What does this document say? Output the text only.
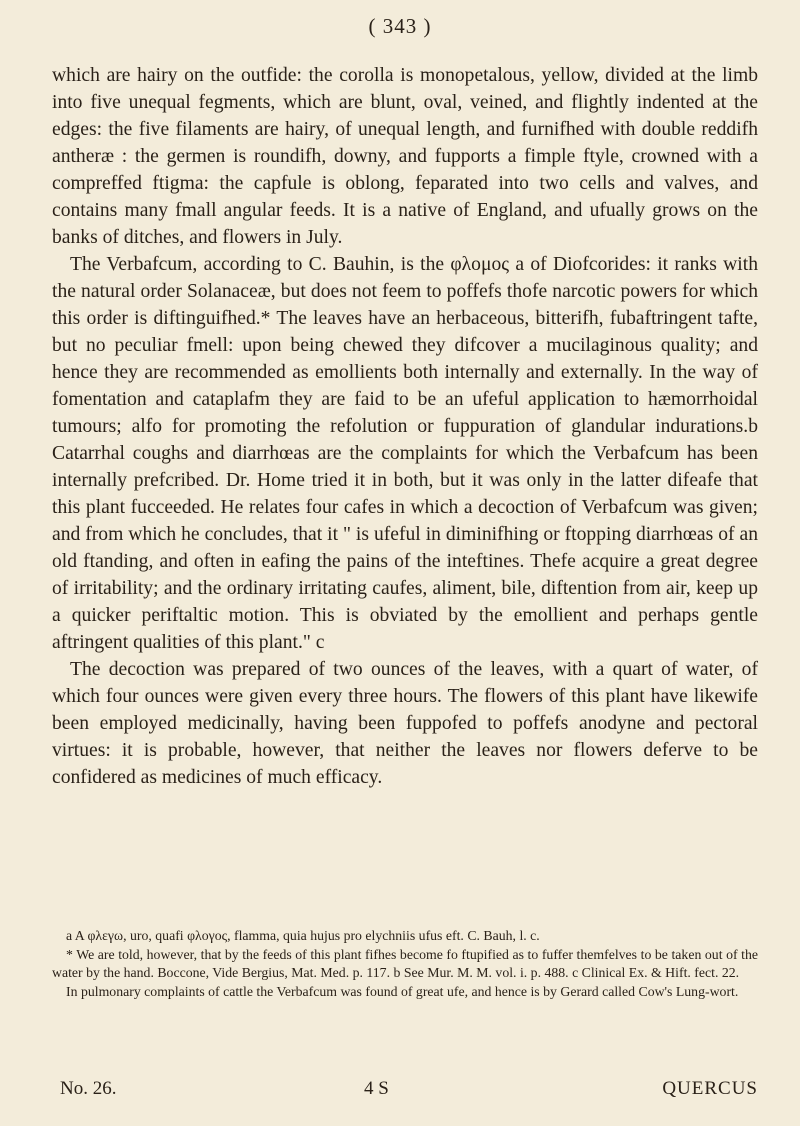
( 343 )

which are hairy on the outfide: the corolla is monopetalous, yellow, divided at the limb into five unequal fegments, which are blunt, oval, veined, and flightly indented at the edges: the five filaments are hairy, of unequal length, and furnifhed with double reddifh antheræ : the germen is roundifh, downy, and fupports a fimple ftyle, crowned with a compreffed ftigma: the capfule is oblong, feparated into two cells and valves, and contains many fmall angular feeds. It is a native of England, and ufually grows on the banks of ditches, and flowers in July.

The Verbafcum, according to C. Bauhin, is the φλομος a of Diofcorides: it ranks with the natural order Solanaceæ, but does not feem to poffefs thofe narcotic powers for which this order is diftinguifhed.* The leaves have an herbaceous, bitterifh, fubaftringent tafte, but no peculiar fmell: upon being chewed they difcover a mucilaginous quality; and hence they are recommended as emollients both internally and externally. In the way of fomentation and cataplafm they are faid to be an ufeful application to hæmorrhoidal tumours; alfo for promoting the refolution or fuppuration of glandular indurations.b Catarrhal coughs and diarrhœas are the complaints for which the Verbafcum has been internally prefcribed. Dr. Home tried it in both, but it was only in the latter difeafe that this plant fucceeded. He relates four cafes in which a decoction of Verbafcum was given; and from which he concludes, that it " is ufeful in diminifhing or ftopping diarrhœas of an old ftanding, and often in eafing the pains of the inteftines. Thefe acquire a great degree of irritability; and the ordinary irritating caufes, aliment, bile, diftention from air, keep up a quicker periftaltic motion. This is obviated by the emollient and perhaps gentle aftringent qualities of this plant." c

The decoction was prepared of two ounces of the leaves, with a quart of water, of which four ounces were given every three hours. The flowers of this plant have likewife been employed medicinally, having been fuppofed to poffefs anodyne and pectoral virtues: it is probable, however, that neither the leaves nor flowers deferve to be confidered as medicines of much efficacy.

a A φλεγω, uro, quafi φλογος, flamma, quia hujus pro elychniis ufus eft. C. Bauh, l. c.

* We are told, however, that by the feeds of this plant fifhes become fo ftupified as to fuffer themfelves to be taken out of the water by the hand. Boccone, Vide Bergius, Mat. Med. p. 117. b See Mur. M. M. vol. i. p. 488. c Clinical Ex. & Hift. fect. 22.

In pulmonary complaints of cattle the Verbafcum was found of great ufe, and hence is by Gerard called Cow's Lung-wort.

No. 26.	4 S	QUERCUS
